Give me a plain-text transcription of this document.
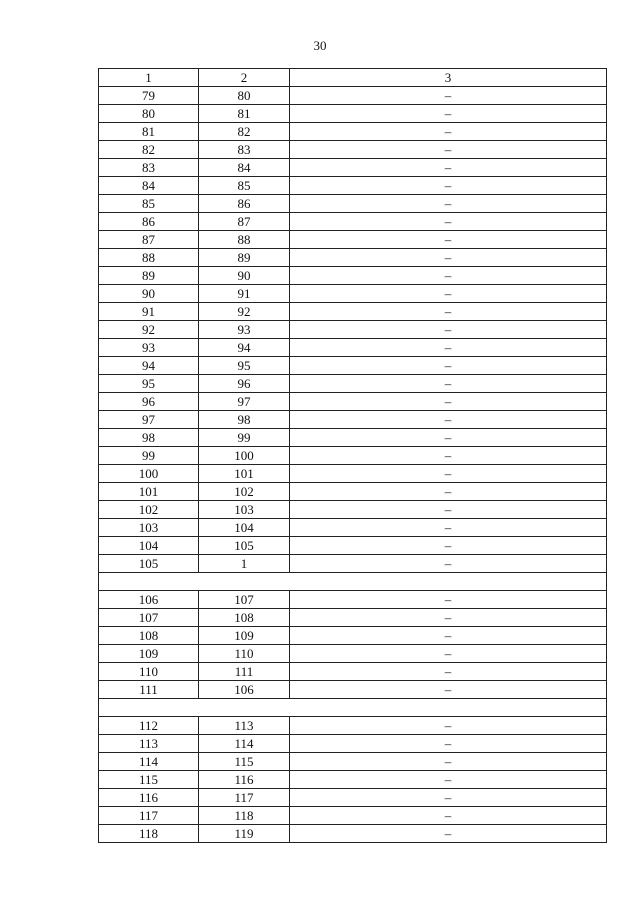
30
1	2	3
79	80	–
80	81	–
81	82	–
82	83	–
83	84	–
84	85	–
85	86	–
86	87	–
87	88	–
88	89	–
89	90	–
90	91	–
91	92	–
92	93	–
93	94	–
94	95	–
95	96	–
96	97	–
97	98	–
98	99	–
99	100	–
100	101	–
101	102	–
102	103	–
103	104	–
104	105	–
105	1	–

106	107	–
107	108	–
108	109	–
109	110	–
110	111	–
111	106	–

112	113	–
113	114	–
114	115	–
115	116	–
116	117	–
117	118	–
118	119	–
